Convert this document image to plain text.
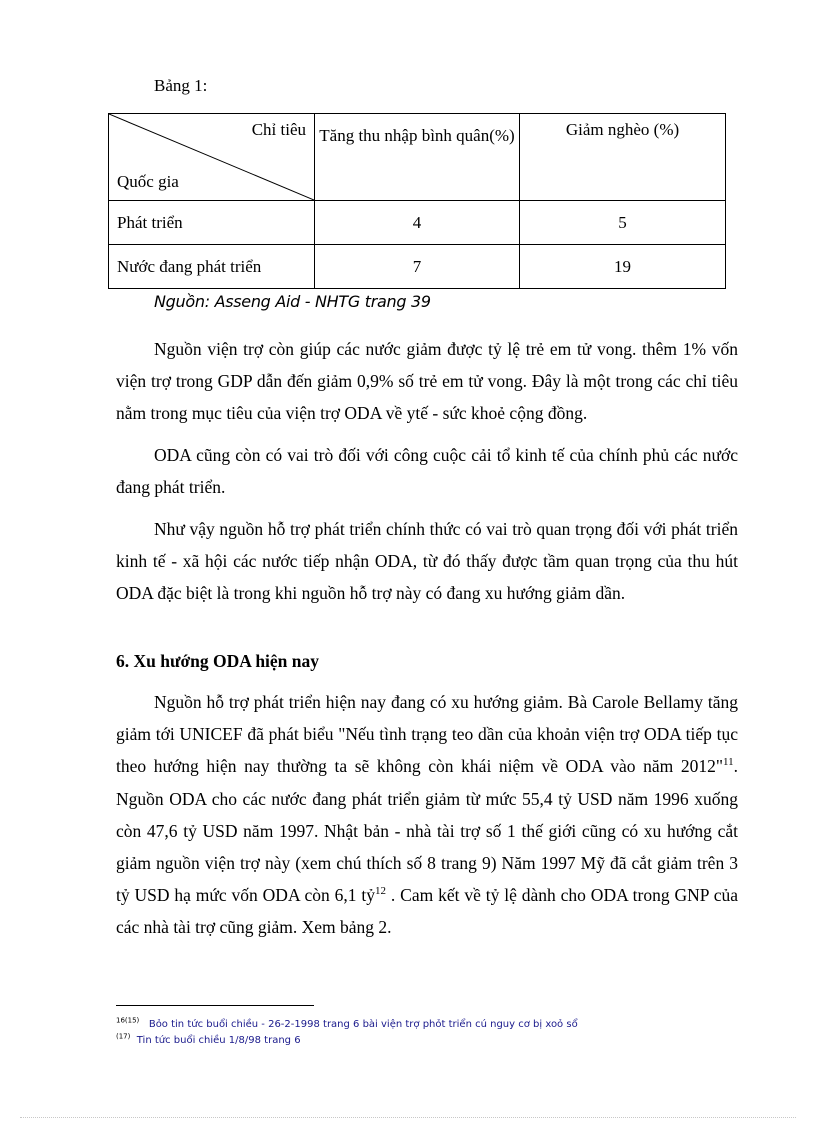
Bảng 1:
Chỉ tiêu
Quốc gia	Tăng thu nhập bình quân(%)	Giảm nghèo (%)

Phát triển	4	5
Nước đang phát triển	7	19
Nguồn: Asseng Aid - NHTG trang 39

Nguồn viện trợ còn giúp các nước giảm được tỷ lệ trẻ em tử vong. thêm 1% vốn viện trợ trong GDP dẫn đến giảm 0,9% số trẻ em tử vong. Đây là một trong các chỉ tiêu nằm trong mục tiêu của viện trợ ODA về ytế - sức khoẻ cộng đồng.

ODA cũng còn có vai trò đối với công cuộc cải tổ kinh tế của chính phủ các nước đang phát triển.

Như vậy nguồn hỗ trợ phát triển chính thức có vai trò quan trọng đối với phát triển kinh tế - xã hội các nước tiếp nhận ODA, từ đó thấy được tầm quan trọng của thu hút ODA đặc biệt là trong khi nguồn hỗ trợ này có đang xu hướng giảm dần.

6. Xu hướng ODA hiện nay

Nguồn hỗ trợ phát triển hiện nay đang có xu hướng giảm. Bà Carole Bellamy tăng giảm tới UNICEF đã phát biểu "Nếu tình trạng teo dần của khoản viện trợ ODA tiếp tục theo hướng hiện nay thường ta sẽ không còn khái niệm về ODA vào năm 2012"$^{11}$. Nguồn ODA cho các nước đang phát triển giảm từ mức 55,4 tỷ USD năm 1996 xuống còn 47,6 tỷ USD năm 1997. Nhật bản - nhà tài trợ số 1 thế giới cũng có xu hướng cắt giảm nguồn viện trợ này (xem chú thích số 8 trang 9) Năm 1997 Mỹ đã cắt giảm trên 3 tỷ USD hạ mức vốn ODA còn 6,1 tỷ$^{12}$ . Cam kết về tỷ lệ dành cho ODA trong GNP của các nhà tài trợ cũng giảm. Xem bảng 2.

$^{16(15)}$ Bỏo tin tức buổi chiều - 26-2-1998 trang 6 bài viện trợ phỏt triển cú nguy cơ bị xoỏ sổ
$^{(17)}$ Tin tức buổi chiều 1/8/98 trang 6
